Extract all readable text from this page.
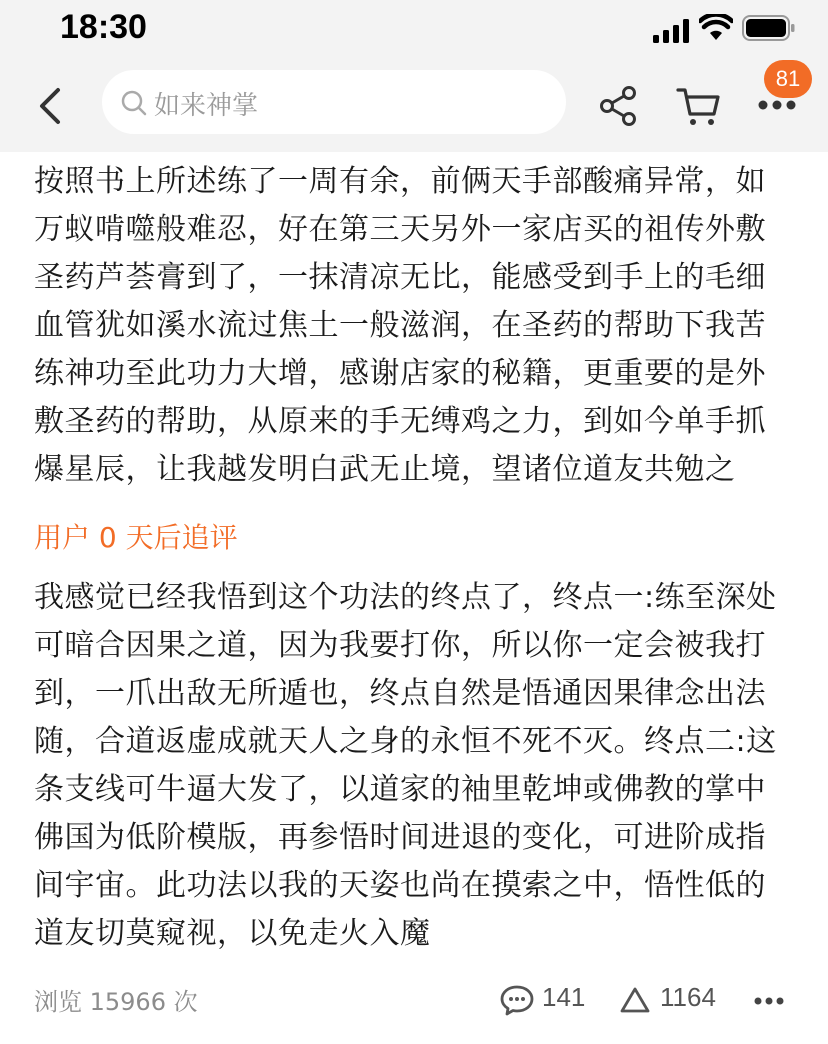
18:30
如来神掌
81
按照书上所述练了一周有余，前俩天手部酸痛异常，如万蚁啃噬般难忍，好在第三天另外一家店买的祖传外敷圣药芦荟膏到了，一抹清凉无比，能感受到手上的毛细血管犹如溪水流过焦土一般滋润，在圣药的帮助下我苦练神功至此功力大增，感谢店家的秘籍，更重要的是外敷圣药的帮助，从原来的手无缚鸡之力，到如今单手抓爆星辰，让我越发明白武无止境，望诸位道友共勉之
用户 0 天后追评
我感觉已经我悟到这个功法的终点了，终点一:练至深处可暗合因果之道，因为我要打你，所以你一定会被我打到，一爪出敌无所遁也，终点自然是悟通因果律念出法随，合道返虚成就天人之身的永恒不死不灭。终点二:这条支线可牛逼大发了，以道家的袖里乾坤或佛教的掌中佛国为低阶模版，再参悟时间进退的变化，可进阶成指间宇宙。此功法以我的天姿也尚在摸索之中，悟性低的道友切莫窥视，以免走火入魔
浏览 15966 次	141	1164
